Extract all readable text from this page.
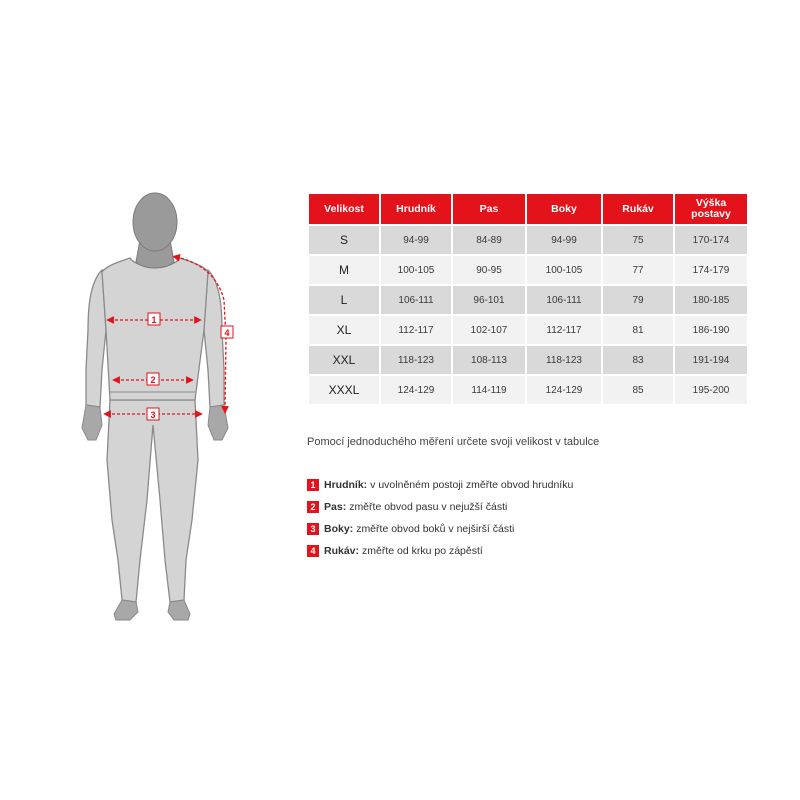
1
2
3
4
Velikost	Hrudník	Pas	Boky	Rukáv	Výška postavy
S	94-99	84-89	94-99	75	170-174
M	100-105	90-95	100-105	77	174-179
L	106-111	96-101	106-111	79	180-185
XL	112-117	102-107	112-117	81	186-190
XXL	118-123	108-113	118-123	83	191-194
XXXL	124-129	114-119	124-129	85	195-200
Pomocí jednoduchého měření určete svoji velikost v tabulce
1 Hrudník : v uvolněném postoji změřte obvod hrudníku
2 Pas : změřte obvod pasu v nejužší části
3 Boky : změřte obvod boků v nejširší části
4 Rukáv : změřte od krku po zápěstí
